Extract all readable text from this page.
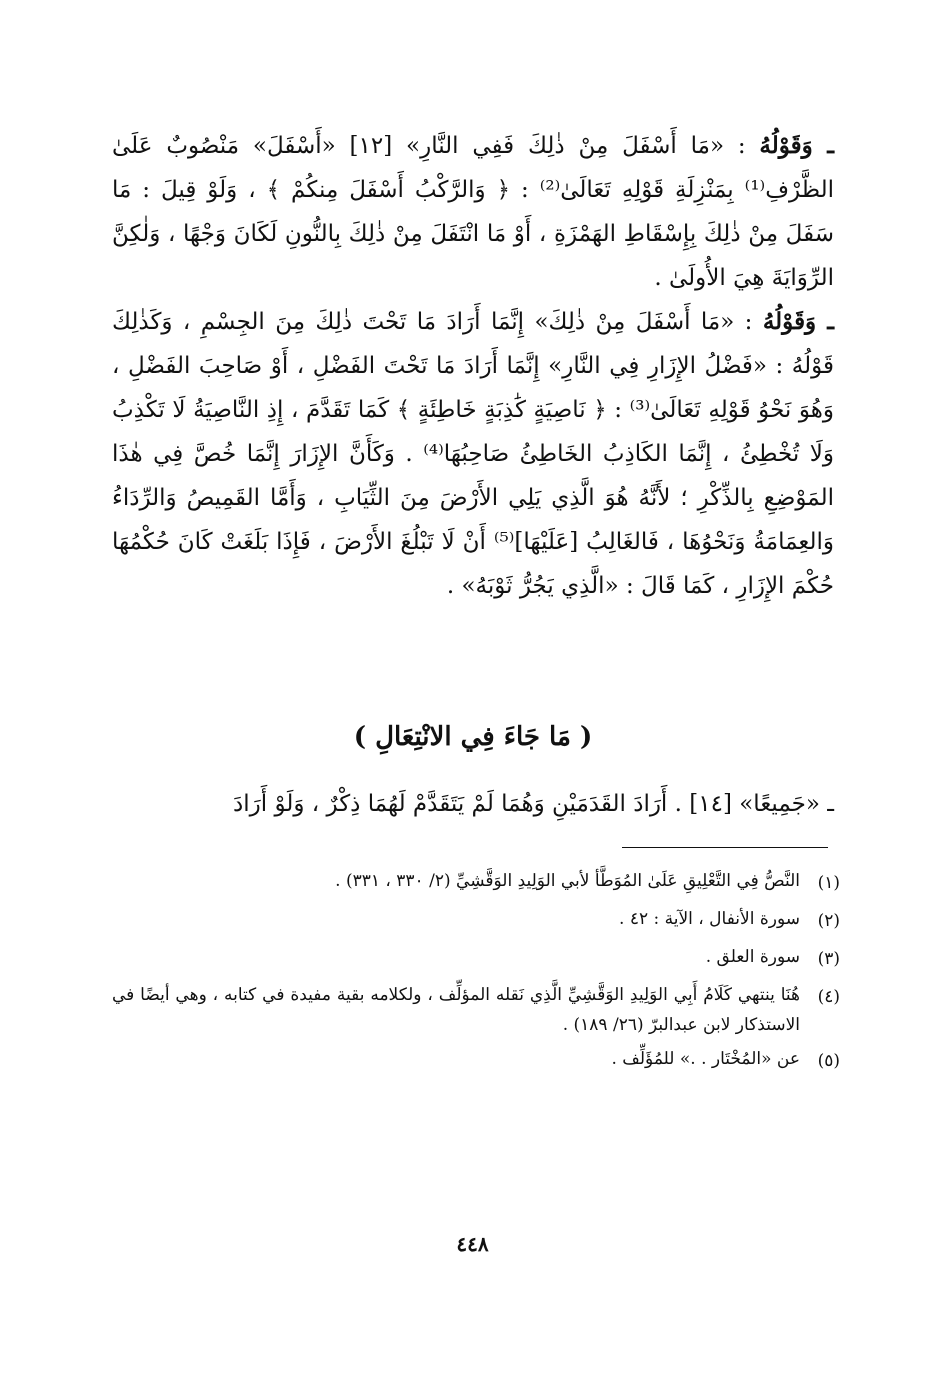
ـ وَقَوْلُهُ : «مَا أَسْفَلَ مِنْ ذٰلِكَ فَفِي النَّارِ» [١٢] «أَسْفَلَ» مَنْصُوبٌ عَلَىٰ الظَّرْفِ⁽¹⁾ بِمَنْزِلَةِ قَوْلِهِ تَعَالَىٰ⁽²⁾ : ﴿ وَالرَّكْبُ أَسْفَلَ مِنكُمْ ﴾ ، وَلَوْ قِيلَ : مَا سَفَلَ مِنْ ذٰلِكَ بِإِسْقَاطِ الهَمْزَةِ ، أَوْ مَا انْتَفَلَ مِنْ ذٰلِكَ بِالنُّونِ لَكَانَ وَجْهًا ، وَلٰكِنَّ الرِّوَايَةَ هِيَ الأُولَىٰ .

ـ وَقَوْلُهُ : «مَا أَسْفَلَ مِنْ ذٰلِكَ» إِنَّمَا أَرَادَ مَا تَحْتَ ذٰلِكَ مِنَ الجِسْمِ ، وَكَذٰلِكَ قَوْلُهُ : «فَضْلُ الإِزَارِ فِي النَّارِ» إِنَّمَا أَرَادَ مَا تَحْتَ الفَضْلِ ، أَوْ صَاحِبَ الفَضْلِ ، وَهُوَ نَحْوُ قَوْلِهِ تَعَالَىٰ⁽³⁾ : ﴿ نَاصِيَةٍ كَٰذِبَةٍ خَاطِئَةٍ ﴾ كَمَا تَقَدَّمَ ، إِذِ النَّاصِيَةُ لَا تَكْذِبُ وَلَا تُخْطِئُ ، إِنَّمَا الكَاذِبُ الخَاطِئُ صَاحِبُهَا⁽⁴⁾ . وَكَأَنَّ الإِزَارَ إِنَّمَا خُصَّ فِي هٰذَا المَوْضِعِ بِالذِّكْرِ ؛ لأَنَّهُ هُوَ الَّذِي يَلِي الأَرْضَ مِنَ الثِّيَابِ ، وَأَمَّا القَمِيصُ وَالرِّدَاءُ وَالعِمَامَةُ وَنَحْوُهَا ، فَالغَالِبُ [عَلَيْهَا]⁽⁵⁾ أَنْ لَا تَبْلُغَ الأَرْضَ ، فَإِذَا بَلَغَتْ كَانَ حُكْمُهَا حُكْمَ الإِزَارِ ، كَمَا قَالَ : «الَّذِي يَجُرُّ ثَوْبَهُ» .

( مَا جَاءَ فِي الانْتِعَالِ )
ـ «جَمِيعًا» [١٤] . أَرَادَ القَدَمَيْنِ وَهُمَا لَمْ يَتَقَدَّمْ لَهُمَا ذِكْرٌ ، وَلَوْ أَرَادَ
(١)
النَّصُّ فِي التَّعْلِيقِ عَلَىٰ المُوَطَّأ لأبي الوَلِيدِ الوَقَّشِيِّ (٢/ ٣٣٠ ، ٣٣١) .
(٢)
سورة الأنفال ، الآية : ٤٢ .
(٣)
سورة العلق .
(٤)
هُنَا ينتهي كَلَامُ أَبِي الوَلِيدِ الوَقَّشِيِّ الَّذِي نَقله المؤلِّف ، ولكلامه بقية مفيدة في كتابه ، وهي أيضًا في الاستذكار لابن عبدالبرّ (٢٦/ ١٨٩) .
(٥)
عن «المُخْتَار . .» للمُؤَلِّف .
٤٤٨
